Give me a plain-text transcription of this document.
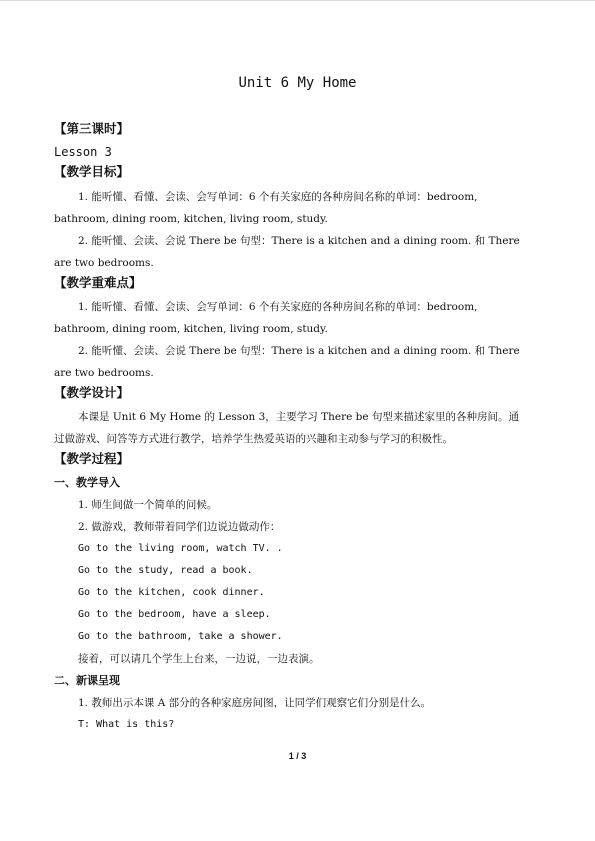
Unit 6 My Home
【第三课时】
Lesson 3
【教学目标】
1. 能听懂、看懂、会读、会写单词：6 个有关家庭的各种房间名称的单词：bedroom,
bathroom, dining room, kitchen, living room, study.
2. 能听懂、会读、会说 There be 句型：There is a kitchen and a dining room. 和 There
are two bedrooms.
【教学重难点】
1. 能听懂、看懂、会读、会写单词：6 个有关家庭的各种房间名称的单词：bedroom,
bathroom, dining room, kitchen, living room, study.
2. 能听懂、会读、会说 There be 句型：There is a kitchen and a dining room. 和 There
are two bedrooms.
【教学设计】
本课是 Unit 6 My Home 的 Lesson 3，主要学习 There be 句型来描述家里的各种房间。通
过做游戏、问答等方式进行教学，培养学生热爱英语的兴趣和主动参与学习的积极性。
【教学过程】
一、教学导入
1. 师生间做一个简单的问候。
2. 做游戏，教师带着同学们边说边做动作：
Go to the living room, watch TV. .
Go to the study, read a book.
Go to the kitchen, cook dinner.
Go to the bedroom, have a sleep.
Go to the bathroom, take a shower.
接着，可以请几个学生上台来，一边说，一边表演。
二、新课呈现
1. 教师出示本课 A 部分的各种家庭房间图，让同学们观察它们分别是什么。
T: What is this?
1 / 3
